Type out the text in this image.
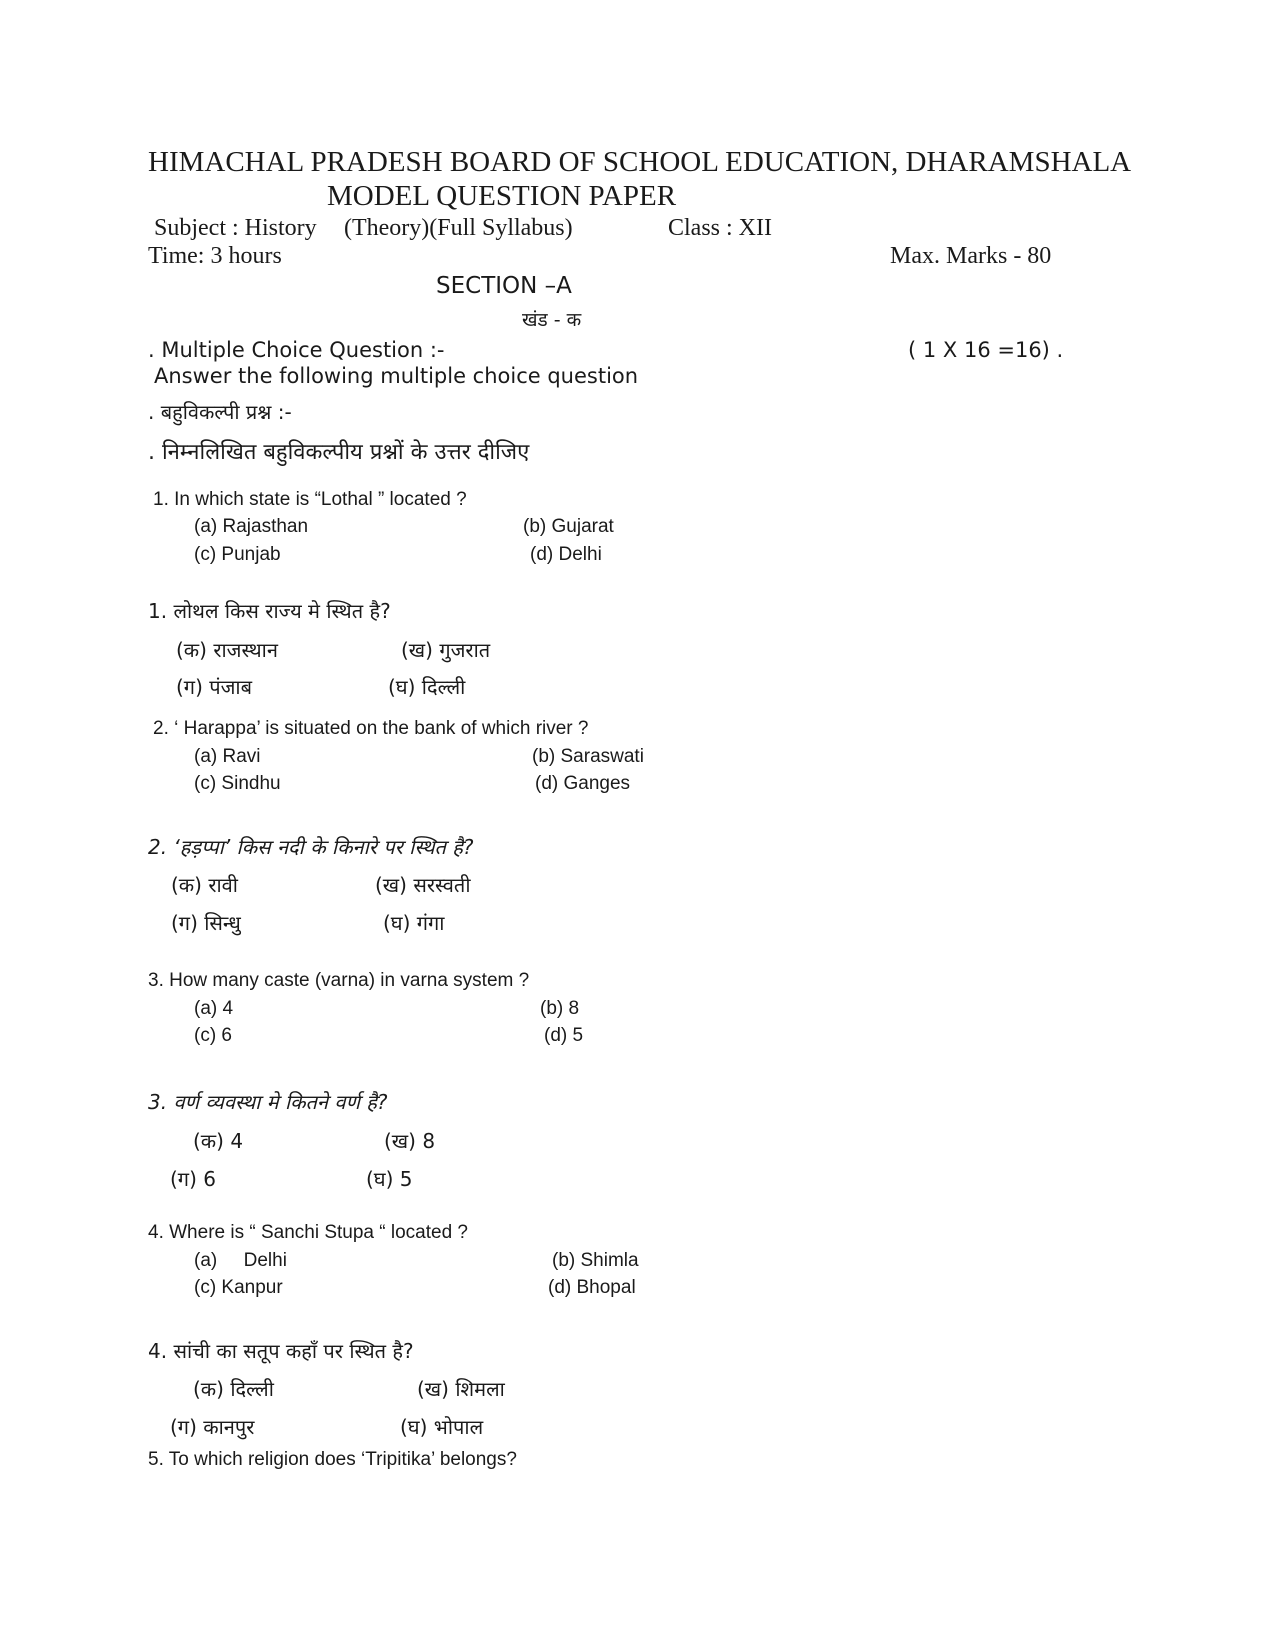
HIMACHAL PRADESH BOARD OF SCHOOL EDUCATION, DHARAMSHALA
MODEL QUESTION PAPER
Subject : History (Theory)(Full Syllabus)	Class : XII
Time: 3 hours	Max. Marks - 80
SECTION –A
खंड - क
. Multiple Choice Question :-	( 1 X 16 =16) .
Answer the following multiple choice question
. बहुविकल्पी प्रश्न :-
. निम्नलिखित बहुविकल्पीय प्रश्नों के उत्तर दीजिए
1. In which state is “Lothal ” located ?
(a) Rajasthan	(b) Gujarat
(c) Punjab	(d) Delhi
1. लोथल किस राज्य मे स्थित है?
(क) राजस्थान	(ख) गुजरात
(ग) पंजाब	(घ) दिल्ली
2. ‘ Harappa’ is situated on the bank of which river ?
(a) Ravi	(b) Saraswati
(c) Sindhu	(d) Ganges
2. ‘हड़प्पा’ किस नदी के किनारे पर स्थित है?
(क) रावी	(ख) सरस्वती
(ग) सिन्धु	(घ) गंगा
3. How many caste (varna) in varna system ?
(a) 4	(b) 8
(c) 6	(d) 5
3. वर्ण व्यवस्था मे कितने वर्ण है?
(क) 4	(ख) 8
(ग) 6	(घ) 5
4. Where is “ Sanchi Stupa “ located ?
(a)     Delhi	(b) Shimla
(c) Kanpur	(d) Bhopal
4. सांची का सतूप कहाँ पर स्थित है?
(क) दिल्ली	(ख) शिमला
(ग) कानपुर	(घ) भोपाल
5. To which religion does ‘Tripitika’ belongs?
